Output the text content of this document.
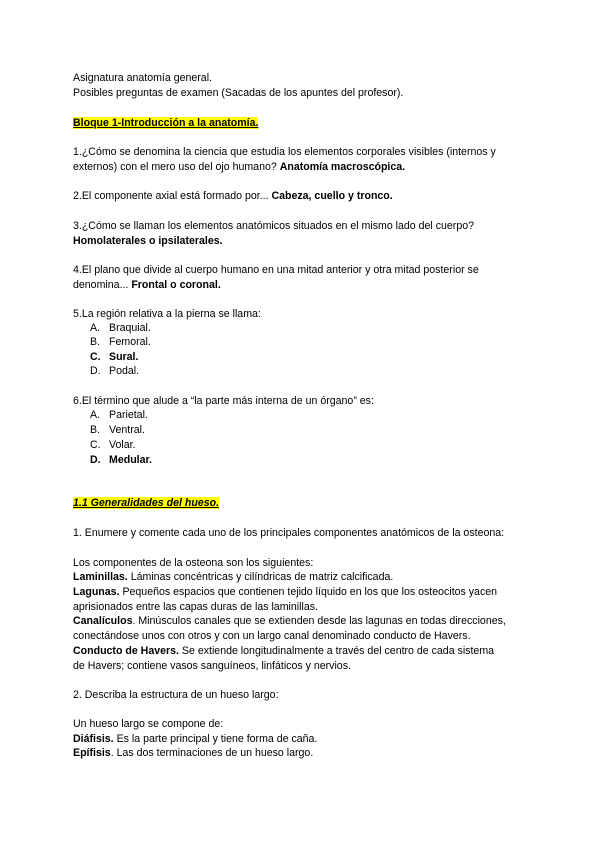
Asignatura anatomía general.

Posibles preguntas de examen (Sacadas de los apuntes del profesor).

Bloque 1-Introducción a la anatomía.

1.¿Cómo se denomina la ciencia que estudia los elementos corporales visibles (internos y

externos) con el mero uso del ojo humano? Anatomía macroscópica.

2.El componente axial está formado por... Cabeza, cuello y tronco.

3.¿Cómo se llaman los elementos anatómicos situados en el mismo lado del cuerpo?

Homolaterales o ipsilaterales.

4.El plano que divide al cuerpo humano en una mitad anterior y otra mitad posterior se

denomina... Frontal o coronal.

5.La región relativa a la pierna se llama:

A. Braquial.
B. Femoral.
C. Sural.
D. Podal.

6.El término que alude a “la parte más interna de un órgano” es:

A. Parietal.
B. Ventral.
C. Volar.
D. Medular.

1.1 Generalidades del hueso.

1. Enumere y comente cada uno de los principales componentes anatómicos de la osteona:

Los componentes de la osteona son los siguientes:

Laminillas. Láminas concéntricas y cilíndricas de matriz calcificada.

Lagunas. Pequeños espacios que contienen tejido líquido en los que los osteocitos yacen

aprisionados entre las capas duras de las laminillas.

Canalículos. Minúsculos canales que se extienden desde las lagunas en todas direcciones,

conectándose unos con otros y con un largo canal denominado conducto de Havers.

Conducto de Havers. Se extiende longitudinalmente a través del centro de cada sistema

de Havers; contiene vasos sanguíneos, linfáticos y nervios.

2. Describa la estructura de un hueso largo:

Un hueso largo se compone de:

Diáfisis. Es la parte principal y tiene forma de caña.

Epífisis. Las dos terminaciones de un hueso largo.
